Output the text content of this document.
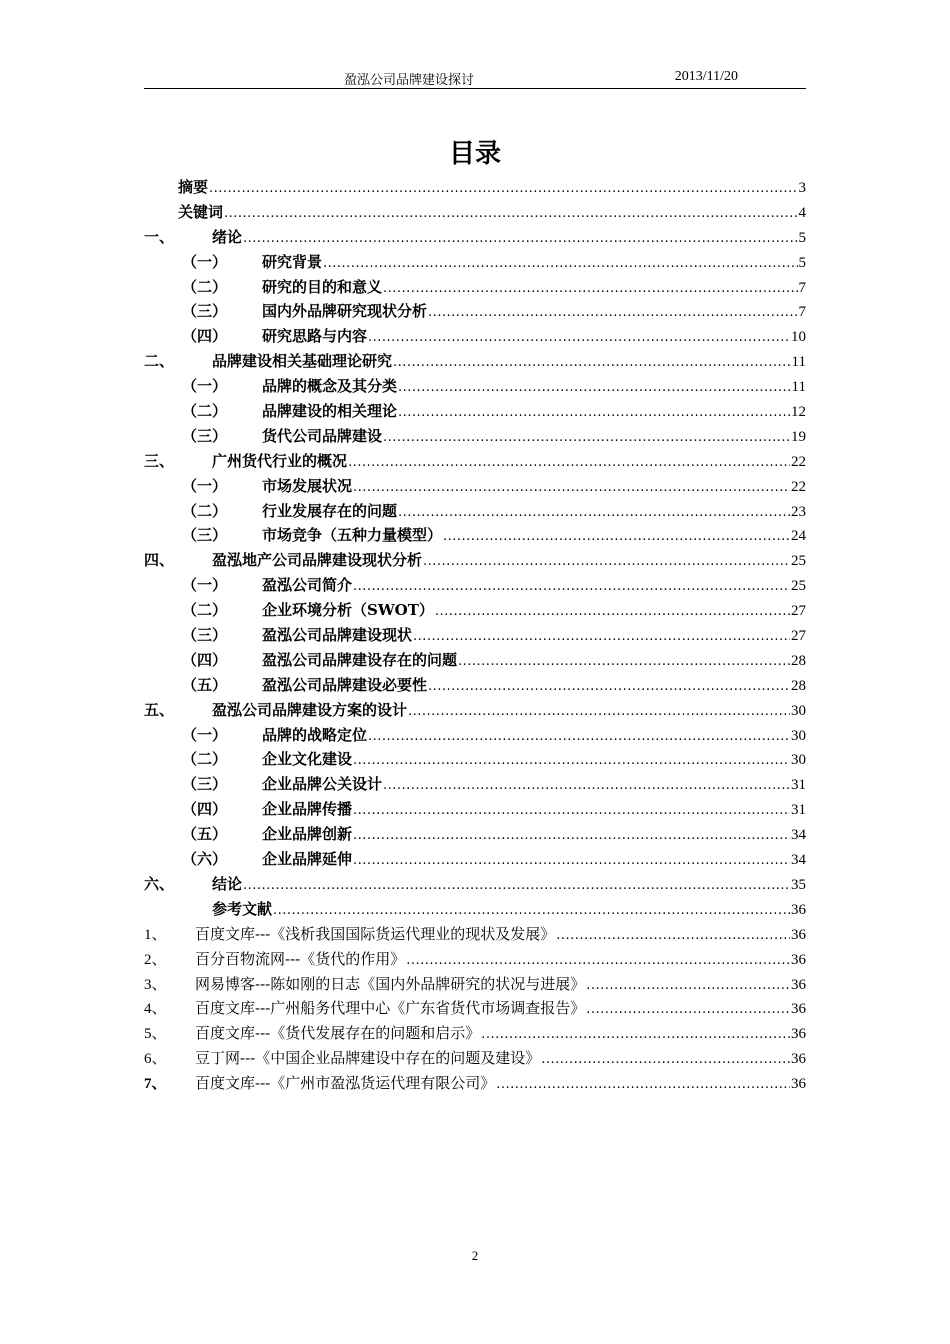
盈泓公司品牌建设探讨	2013/11/20
目录
摘要 .....	3
关键词 .....	4
一、	绪论 .....	5
（一）	研究背景 .....	5
（二）	研究的目的和意义 .....	7
（三）	国内外品牌研究现状分析 .....	7
（四）	研究思路与内容 .....	10
二、	品牌建设相关基础理论研究 .....	11
（一）	品牌的概念及其分类 .....	11
（二）	品牌建设的相关理论 .....	12
（三）	货代公司品牌建设 .....	19
三、	广州货代行业的概况 .....	22
（一）	市场发展状况 .....	22
（二）	行业发展存在的问题 .....	23
（三）	市场竞争（五种力量模型） .....	24
四、	盈泓地产公司品牌建设现状分析 .....	25
（一）	盈泓公司简介 .....	25
（二）	企业环境分析（SWOT） .....	27
（三）	盈泓公司品牌建设现状 .....	27
（四）	盈泓公司品牌建设存在的问题 .....	28
（五）	盈泓公司品牌建设必要性 .....	28
五、	盈泓公司品牌建设方案的设计 .....	30
（一）	品牌的战略定位 .....	30
（二）	企业文化建设 .....	30
（三）	企业品牌公关设计 .....	31
（四）	企业品牌传播 .....	31
（五）	企业品牌创新 .....	34
（六）	企业品牌延伸 .....	34
六、	结论 .....	35
参考文献 .....	36
1、	百度文库---《浅析我国国际货运代理业的现状及发展》 .....	36
2、	百分百物流网---《货代的作用》 .....	36
3、	网易博客---陈如刚的日志《国内外品牌研究的状况与进展》 .....	36
4、	百度文库---广州船务代理中心《广东省货代市场调查报告》 .....	36
5、	百度文库---《货代发展存在的问题和启示》 .....	36
6、	豆丁网---《中国企业品牌建设中存在的问题及建设》 .....	36
7、	百度文库---《广州市盈泓货运代理有限公司》 .....	36
2
